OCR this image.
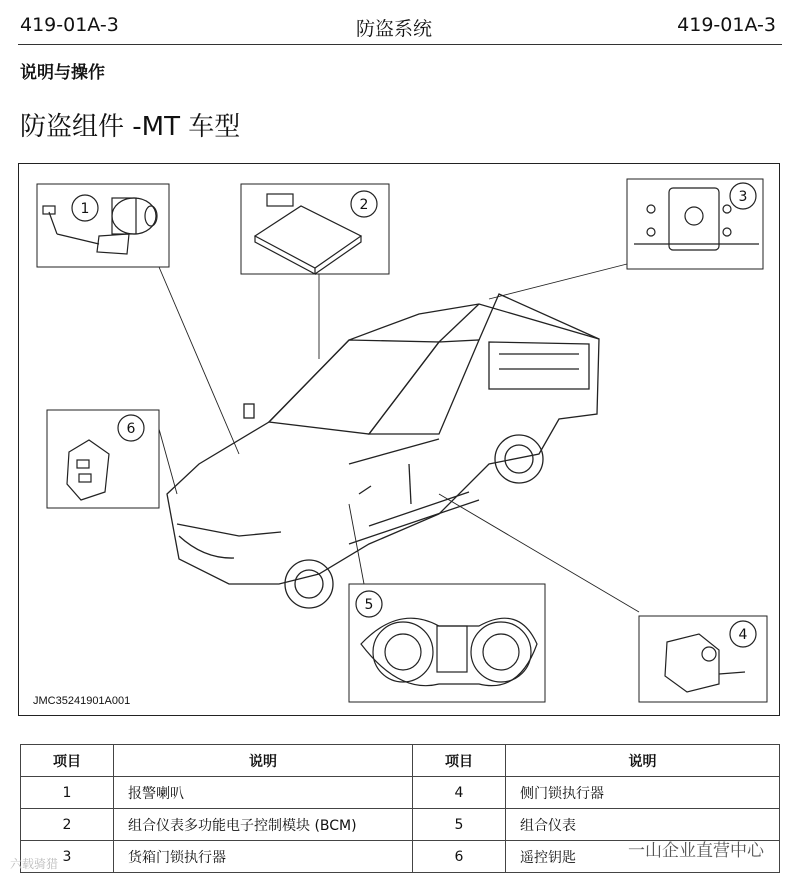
419-01A-3	防盗系统	419-01A-3
说明与操作
防盗组件 -MT 车型
1	2	3
6
5
4
JMC35241901A001
项目	说明	项目	说明
1	报警喇叭	4	侧门锁执行器
2	组合仪表多功能电子控制模块 (BCM)	5	组合仪表
3	货箱门锁执行器	6	遥控钥匙
六载骑猎
一山企业直营中心
